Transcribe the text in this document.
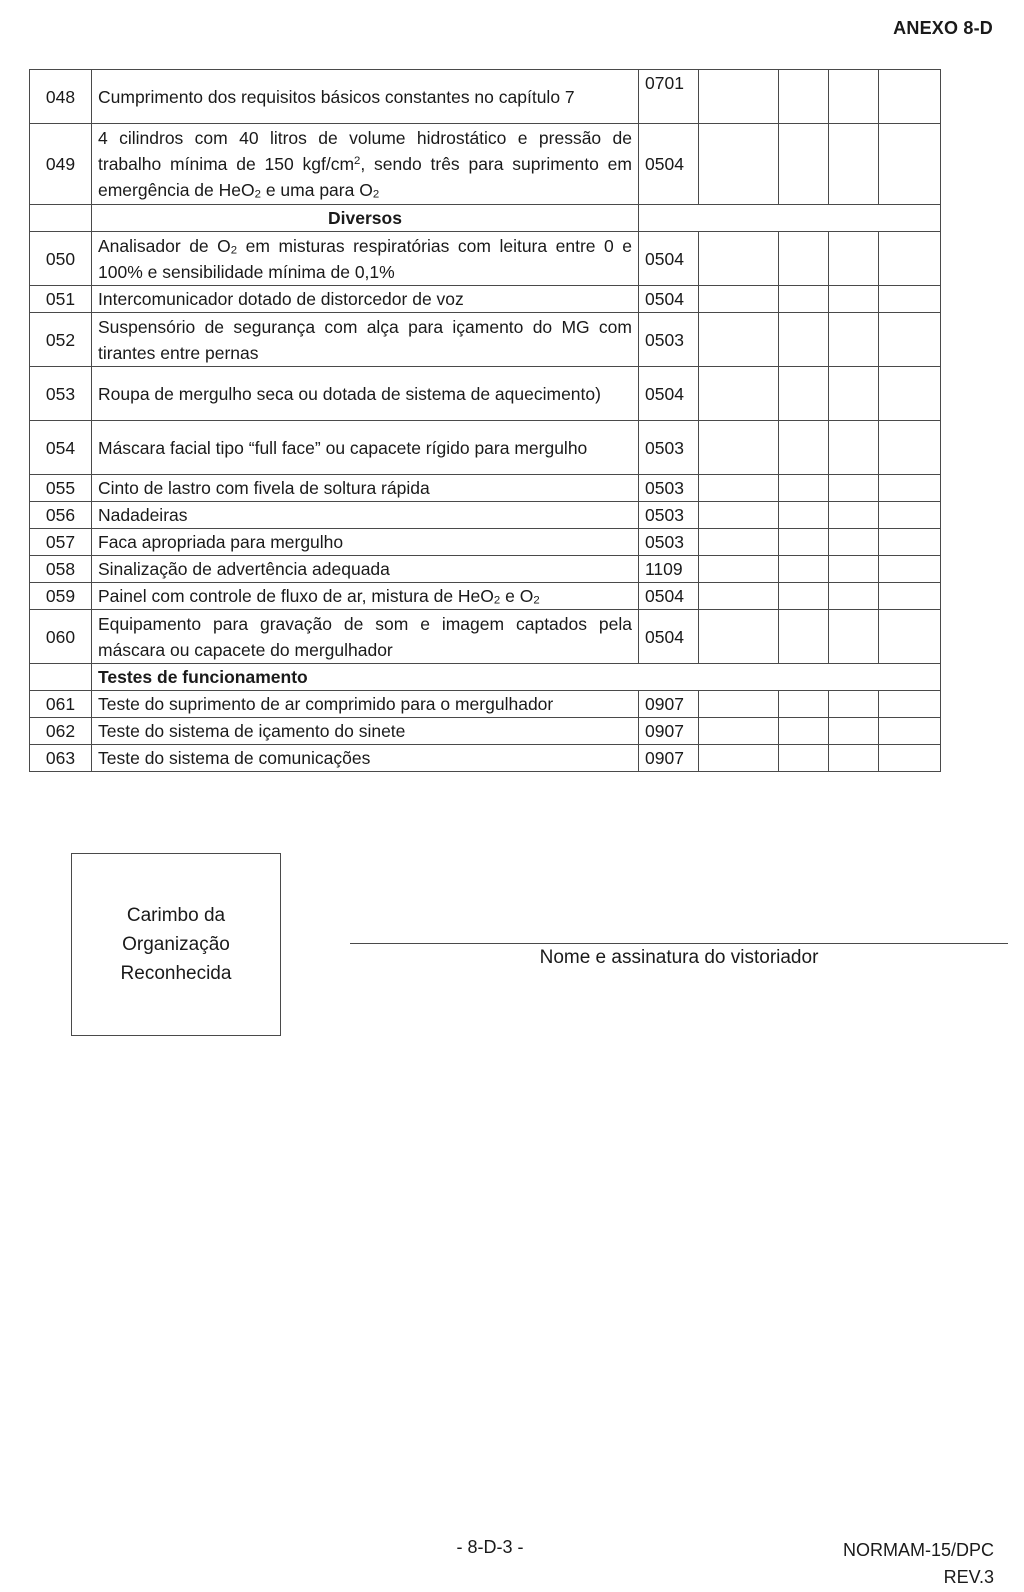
ANEXO 8-D
048	Cumprimento dos requisitos básicos constantes no capítulo 7	0701				
049	4 cilindros com 40 litros de volume hidrostático e pressão de trabalho mínima de 150 kgf/$cm^2$, sendo três para suprimento em emergência de HeO$_2$ e uma para $O_2$	0504				
	Diversos					
050	Analisador de $O_2$ em misturas respiratórias com leitura entre 0 e 100% e sensibilidade mínima de 0,1%	0504				
051	Intercomunicador dotado de distorcedor de voz	0504				
052	Suspensório de segurança com alça para içamento do MG com tirantes entre pernas	0503				
053	Roupa de mergulho seca ou dotada de sistema de aquecimento)	0504				
054	Máscara facial tipo “full face” ou capacete rígido para mergulho	0503				
055	Cinto de lastro com fivela de soltura rápida	0503				
056	Nadadeiras	0503				
057	Faca apropriada para mergulho	0503				
058	Sinalização de advertência adequada	1109				
059	Painel com controle de fluxo de ar, mistura de HeO$_2$ e $O_2$	0504				
060	Equipamento para gravação de som e imagem captados pela máscara ou capacete do mergulhador	0504				
	Testes de funcionamento					
061	Teste do suprimento de ar comprimido para o mergulhador	0907				
062	Teste do sistema de içamento do sinete	0907				
063	Teste do sistema de comunicações	0907				
Carimbo da
Organização
Reconhecida
Nome e assinatura do vistoriador
- 8-D-3 -	NORMAM-15/DPC
REV.3
